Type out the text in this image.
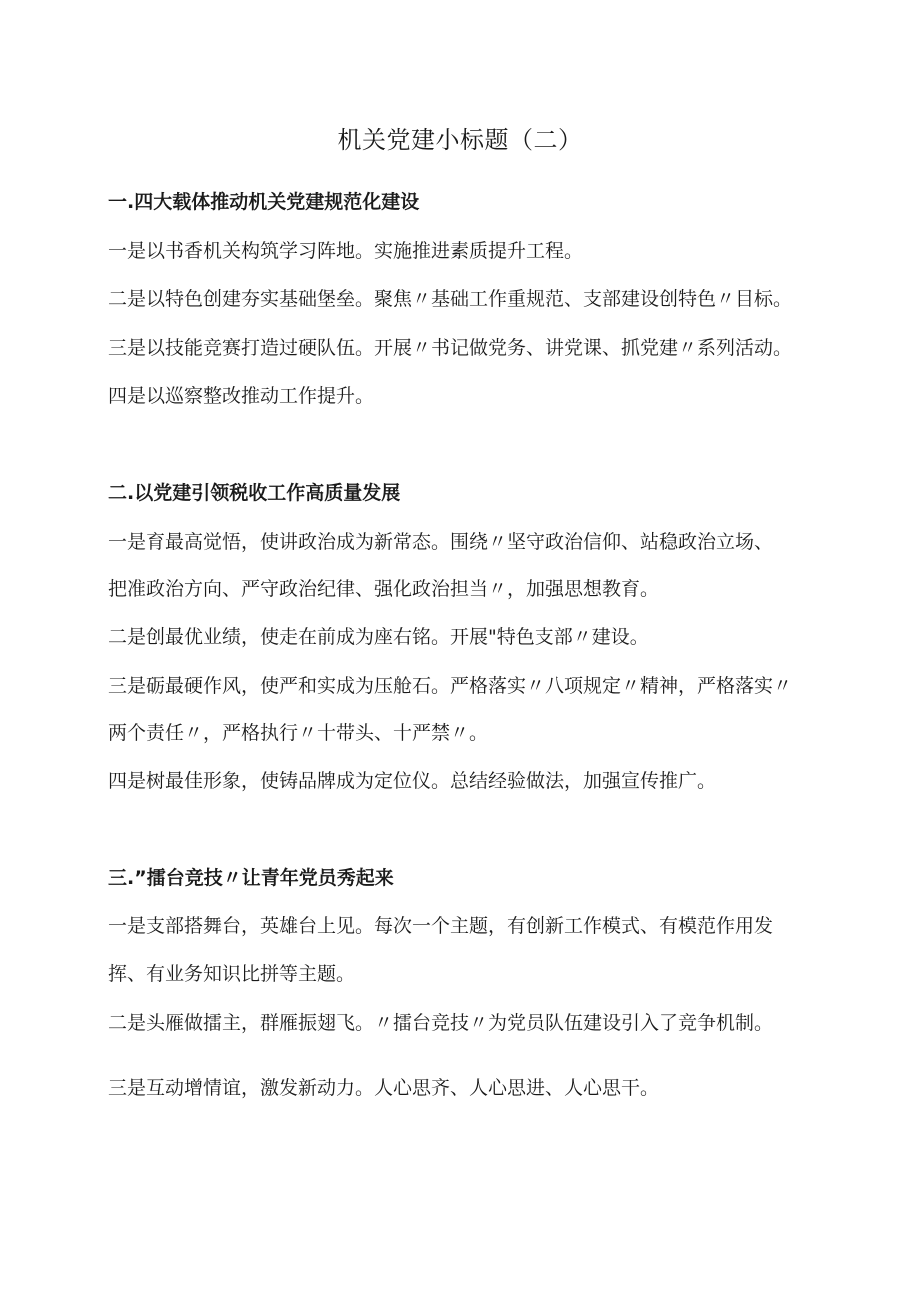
机关党建小标题（二）
一.四大载体推动机关党建规范化建设
一是以书香机关构筑学习阵地。实施推进素质提升工程。
二是以特色创建夯实基础堡垒。聚焦〃基础工作重规范、支部建设创特色〃目标。
三是以技能竞赛打造过硬队伍。开展〃书记做党务、讲党课、抓党建〃系列活动。
四是以巡察整改推动工作提升。
二.以党建引领税收工作高质量发展
一是育最高觉悟，使讲政治成为新常态。围绕〃坚守政治信仰、站稳政治立场、
把准政治方向、严守政治纪律、强化政治担当〃，加强思想教育。
二是创最优业绩，使走在前成为座右铭。开展"特色支部〃建设。
三是砺最硬作风，使严和实成为压舱石。严格落实〃八项规定〃精神，严格落实〃
两个责任〃，严格执行〃十带头、十严禁〃。
四是树最佳形象，使铸品牌成为定位仪。总结经验做法，加强宣传推广。
三.”擂台竞技〃让青年党员秀起来
一是支部搭舞台，英雄台上见。每次一个主题，有创新工作模式、有模范作用发
挥、有业务知识比拼等主题。
二是头雁做擂主，群雁振翅飞。〃擂台竞技〃为党员队伍建设引入了竞争机制。
三是互动增情谊，激发新动力。人心思齐、人心思进、人心思干。
